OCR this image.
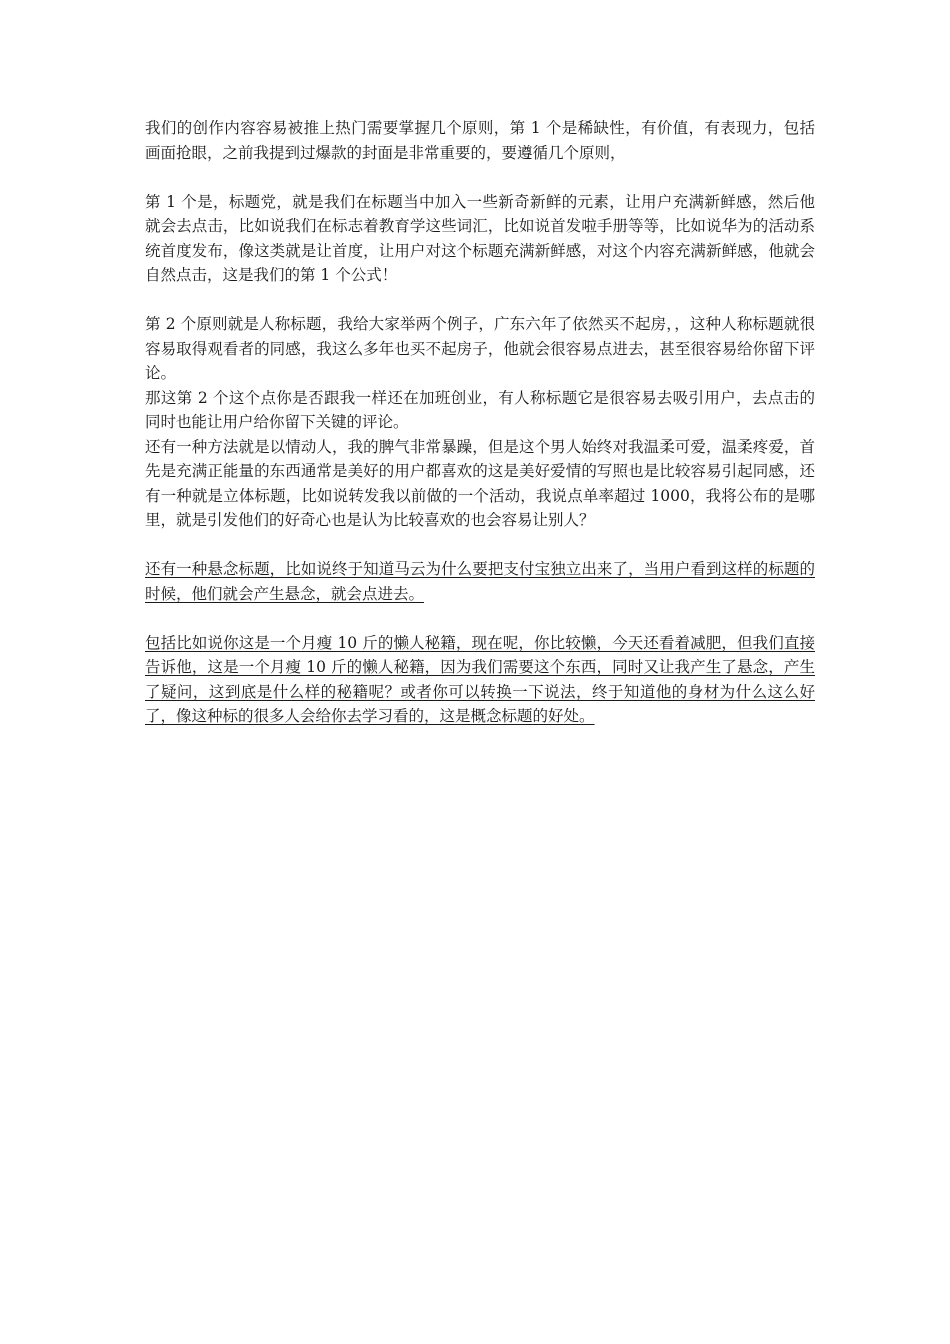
我们的创作内容容易被推上热门需要掌握几个原则，第 1 个是稀缺性，有价值，有表现力，包括画面抢眼，之前我提到过爆款的封面是非常重要的，要遵循几个原则，

第 1 个是，标题党，就是我们在标题当中加入一些新奇新鲜的元素，让用户充满新鲜感，然后他就会去点击，比如说我们在标志着教育学这些词汇，比如说首发啦手册等等，比如说华为的活动系统首度发布，像这类就是让首度，让用户对这个标题充满新鲜感，对这个内容充满新鲜感，他就会自然点击，这是我们的第 1 个公式！

第 2 个原则就是人称标题，我给大家举两个例子，广东六年了依然买不起房，，这种人称标题就很容易取得观看者的同感，我这么多年也买不起房子，他就会很容易点进去，甚至很容易给你留下评论。

那这第 2 个这个点你是否跟我一样还在加班创业，有人称标题它是很容易去吸引用户，去点击的同时也能让用户给你留下关键的评论。

还有一种方法就是以情动人，我的脾气非常暴躁，但是这个男人始终对我温柔可爱，温柔疼爱，首先是充满正能量的东西通常是美好的用户都喜欢的这是美好爱情的写照也是比较容易引起同感，还有一种就是立体标题，比如说转发我以前做的一个活动，我说点单率超过 1000，我将公布的是哪里，就是引发他们的好奇心也是认为比较喜欢的也会容易让别人？

还有一种悬念标题，比如说终于知道马云为什么要把支付宝独立出来了，当用户看到这样的标题的时候，他们就会产生悬念，就会点进去。

包括比如说你这是一个月瘦 10 斤的懒人秘籍，现在呢，你比较懒，今天还看着减肥，但我们直接告诉他，这是一个月瘦 10 斤的懒人秘籍，因为我们需要这个东西，同时又让我产生了悬念，产生了疑问，这到底是什么样的秘籍呢？或者你可以转换一下说法，终于知道他的身材为什么这么好了，像这种标的很多人会给你去学习看的，这是概念标题的好处。
